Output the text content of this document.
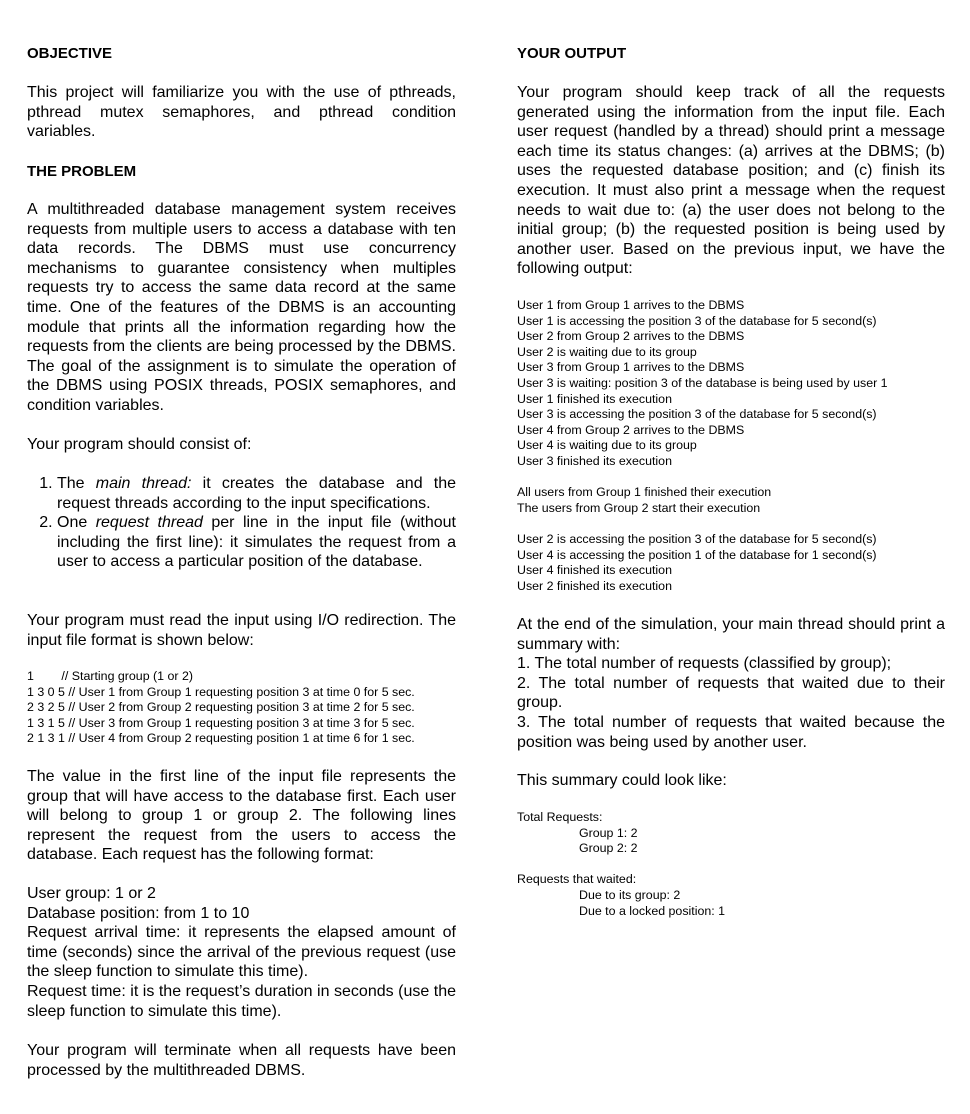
OBJECTIVE
This project will familiarize you with the use of pthreads, pthread mutex semaphores, and pthread condition variables.
THE PROBLEM
A multithreaded database management system receives requests from multiple users to access a database with ten data records. The DBMS must use concurrency mechanisms to guarantee consistency when multiples requests try to access the same data record at the same time. One of the features of the DBMS is an accounting module that prints all the information regarding how the requests from the clients are being processed by the DBMS. The goal of the assignment is to simulate the operation of the DBMS using POSIX threads, POSIX semaphores, and condition variables.
Your program should consist of:
1. The main thread: it creates the database and the request threads according to the input specifications.
2. One request thread per line in the input file (without including the first line): it simulates the request from a user to access a particular position of the database.
Your program must read the input using I/O redirection. The input file format is shown below:
1        // Starting group (1 or 2)
1 3 0 5 // User 1 from Group 1 requesting position 3 at time 0 for 5 sec.
2 3 2 5 // User 2 from Group 2 requesting position 3 at time 2 for 5 sec.
1 3 1 5 // User 3 from Group 1 requesting position 3 at time 3 for 5 sec.
2 1 3 1 // User 4 from Group 2 requesting position 1 at time 6 for 1 sec.
The value in the first line of the input file represents the group that will have access to the database first. Each user will belong to group 1 or group 2. The following lines represent the request from the users to access the database. Each request has the following format:
User group: 1 or 2
Database position: from 1 to 10
Request arrival time: it represents the elapsed amount of time (seconds) since the arrival of the previous request (use the sleep function to simulate this time).
Request time: it is the request’s duration in seconds (use the sleep function to simulate this time).
Your program will terminate when all requests have been processed by the multithreaded DBMS.
YOUR OUTPUT
Your program should keep track of all the requests generated using the information from the input file. Each user request (handled by a thread) should print a message each time its status changes: (a) arrives at the DBMS; (b) uses the requested database position; and (c) finish its execution. It must also print a message when the request needs to wait due to: (a) the user does not belong to the initial group; (b) the requested position is being used by another user. Based on the previous input, we have the following output:
User 1 from Group 1 arrives to the DBMS
User 1 is accessing the position 3 of the database for 5 second(s)
User 2 from Group 2 arrives to the DBMS
User 2 is waiting due to its group
User 3 from Group 1 arrives to the DBMS
User 3 is waiting: position 3 of the database is being used by user 1
User 1 finished its execution
User 3 is accessing the position 3 of the database for 5 second(s)
User 4 from Group 2 arrives to the DBMS
User 4 is waiting due to its group
User 3 finished its execution
All users from Group 1 finished their execution
The users from Group 2 start their execution
User 2 is accessing the position 3 of the database for 5 second(s)
User 4 is accessing the position 1 of the database for 1 second(s)
User 4 finished its execution
User 2 finished its execution
At the end of the simulation, your main thread should print a summary with:
1. The total number of requests (classified by group);
2. The total number of requests that waited due to their group.
3. The total number of requests that waited because the position was being used by another user.
This summary could look like:
Total Requests:
Group 1: 2
Group 2: 2
Requests that waited:
Due to its group: 2
Due to a locked position: 1
